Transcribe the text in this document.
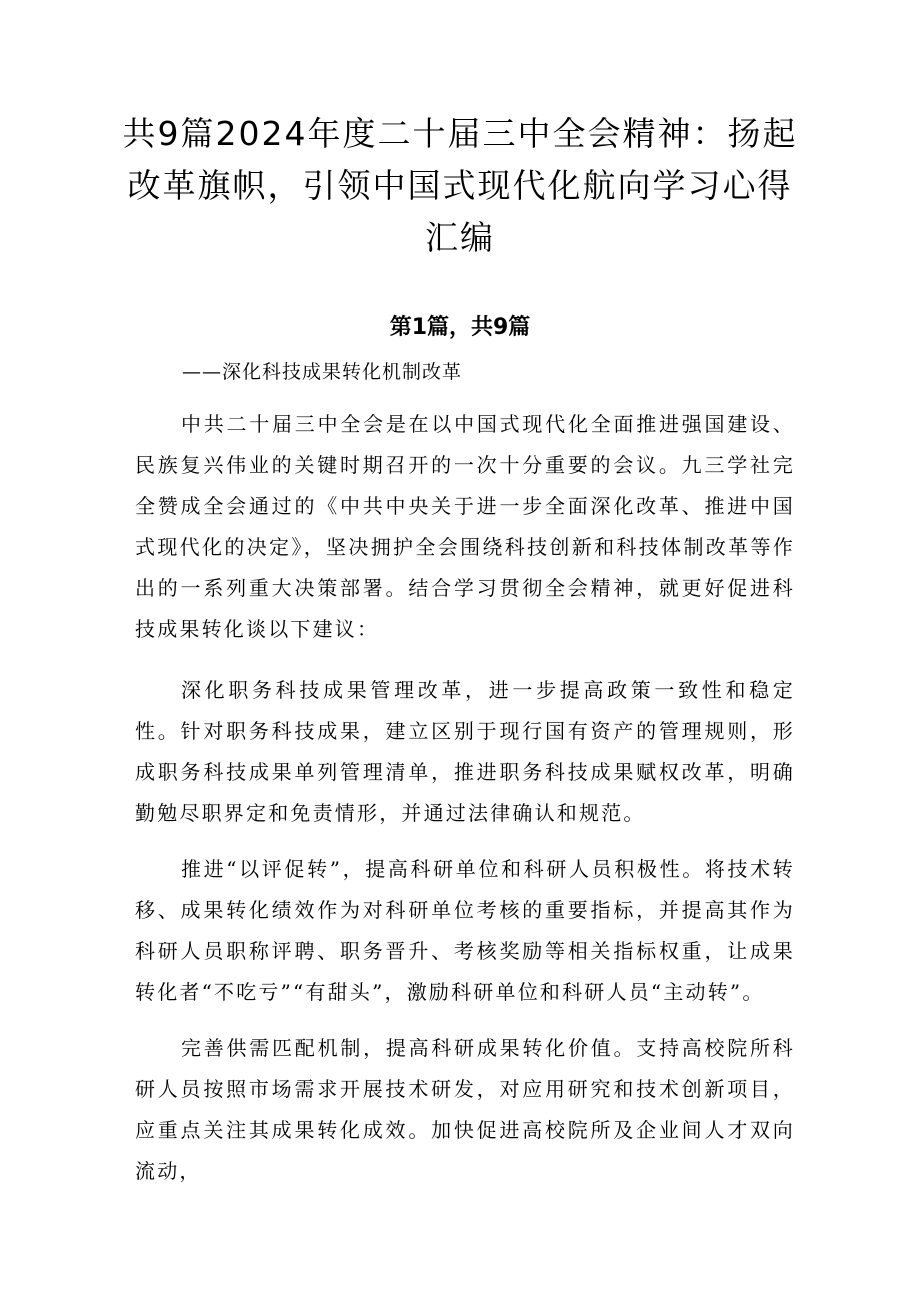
共9篇2024年度二十届三中全会精神：扬起改革旗帜，引领中国式现代化航向学习心得汇编
第1篇，共9篇
——深化科技成果转化机制改革

中共二十届三中全会是在以中国式现代化全面推进强国建设、民族复兴伟业的关键时期召开的一次十分重要的会议。九三学社完全赞成全会通过的《中共中央关于进一步全面深化改革、推进中国式现代化的决定》，坚决拥护全会围绕科技创新和科技体制改革等作出的一系列重大决策部署。结合学习贯彻全会精神，就更好促进科技成果转化谈以下建议：

深化职务科技成果管理改革，进一步提高政策一致性和稳定性。针对职务科技成果，建立区别于现行国有资产的管理规则，形成职务科技成果单列管理清单，推进职务科技成果赋权改革，明确勤勉尽职界定和免责情形，并通过法律确认和规范。

推进“以评促转”，提高科研单位和科研人员积极性。将技术转移、成果转化绩效作为对科研单位考核的重要指标，并提高其作为科研人员职称评聘、职务晋升、考核奖励等相关指标权重，让成果转化者“不吃亏”“有甜头”，激励科研单位和科研人员“主动转”。

完善供需匹配机制，提高科研成果转化价值。支持高校院所科研人员按照市场需求开展技术研发，对应用研究和技术创新项目，应重点关注其成果转化成效。加快促进高校院所及企业间人才双向流动，
